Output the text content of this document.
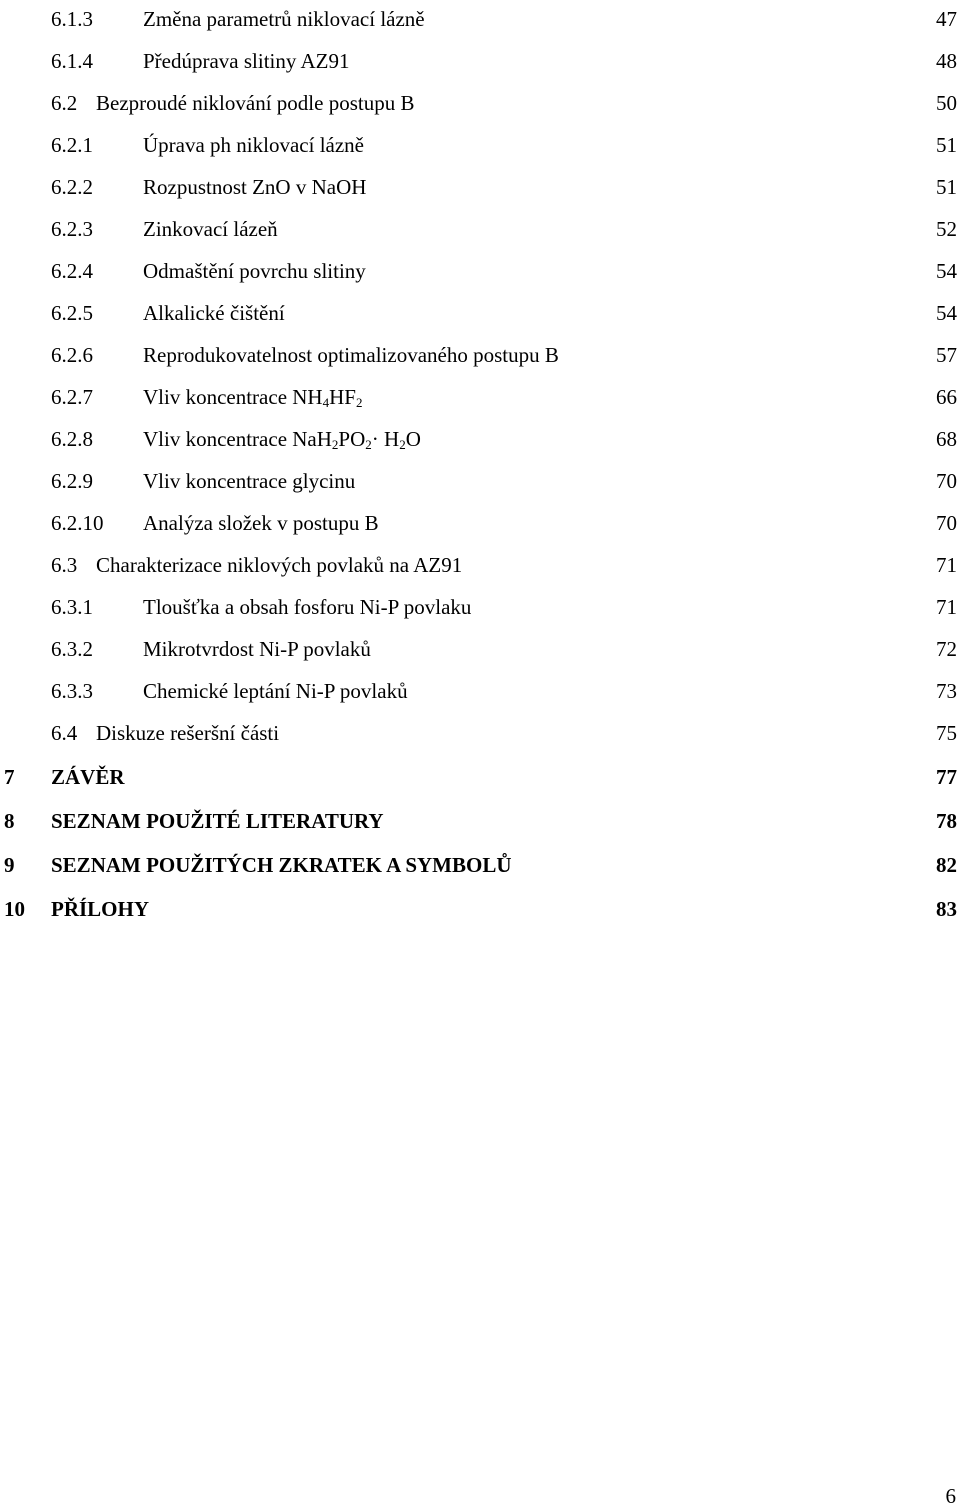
6.1.3 Změna parametrů niklovací lázně	47
6.1.4 Předúprava slitiny AZ91	48
6.2 Bezproudé niklování podle postupu B	50
6.2.1 Úprava ph niklovací lázně	51
6.2.2 Rozpustnost ZnO v NaOH	51
6.2.3 Zinkovací lázeň	52
6.2.4 Odmaštění povrchu slitiny	54
6.2.5 Alkalické čištění	54
6.2.6 Reprodukovatelnost optimalizovaného postupu B	57
6.2.7 Vliv koncentrace $NH_4HF_2$	66
6.2.8 Vliv koncentrace $NaH_2PO_2\cdot H_2O$	68
6.2.9 Vliv koncentrace glycinu	70
6.2.10 Analýza složek v postupu B	70
6.3 Charakterizace niklových povlaků na AZ91	71
6.3.1 Tloušťka a obsah fosforu Ni-P povlaku	71
6.3.2 Mikrotvrdost Ni-P povlaků	72
6.3.3 Chemické leptání Ni-P povlaků	73
6.4 Diskuze rešeršní části	75
7 ZÁVĚR	77
8 SEZNAM POUŽITÉ LITERATURY	78
9 SEZNAM POUŽITÝCH ZKRATEK A SYMBOLŮ	82
10 PŘÍLOHY	83
6
